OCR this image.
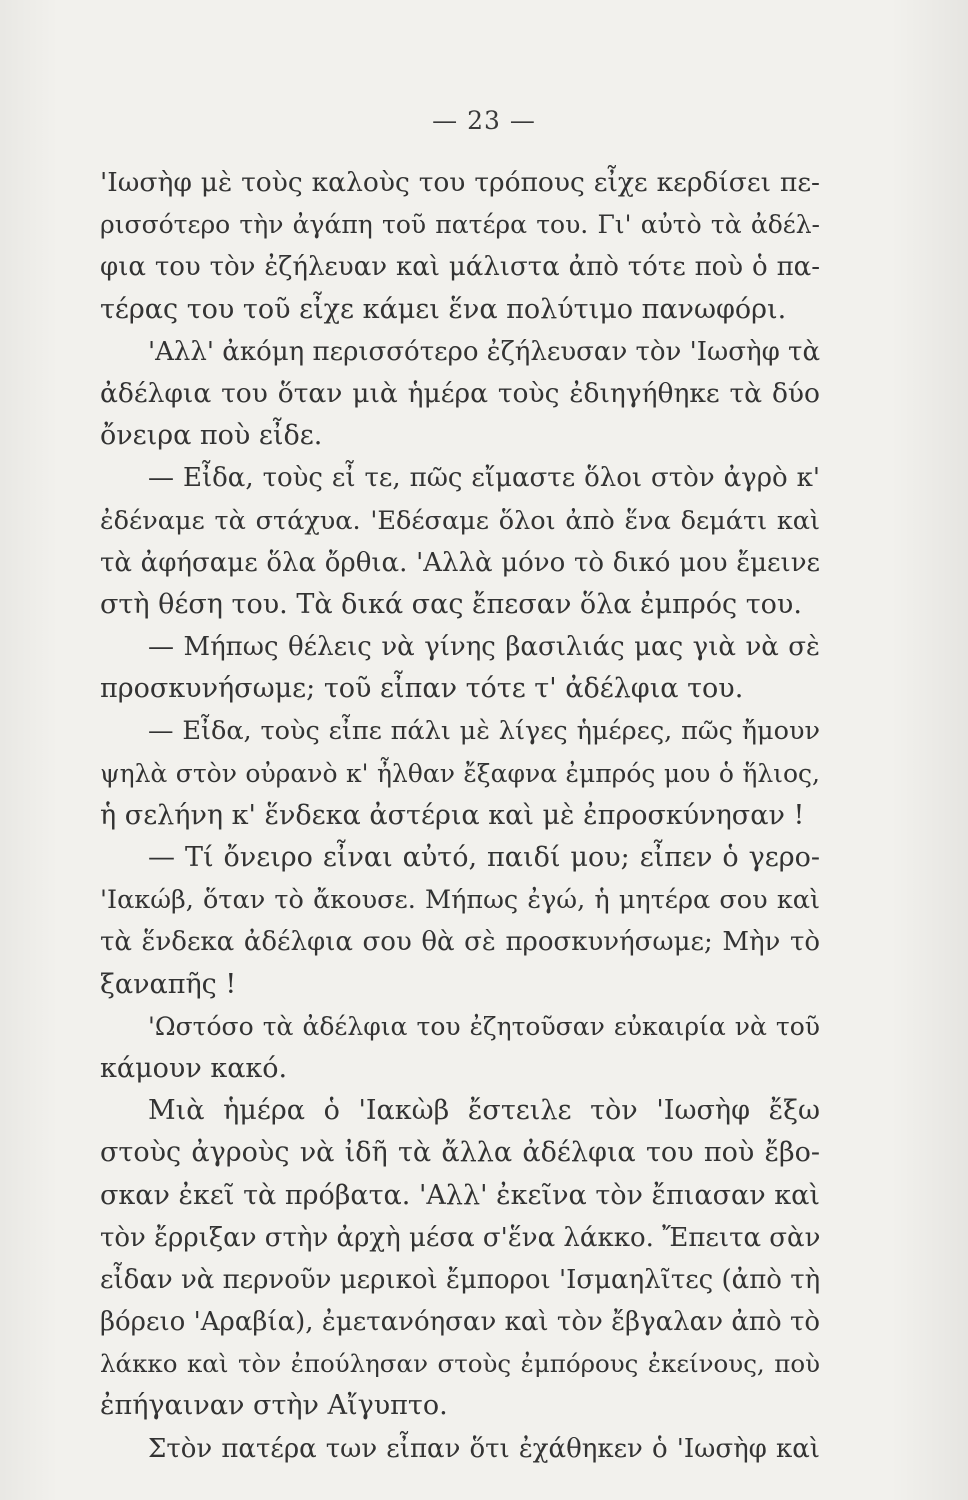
— 23 —
'Ιωσὴφ μὲ τοὺς καλοὺς του τρόπους εἶχε κερδίσει πε-
ρισσότερο τὴν ἀγάπη τοῦ πατέρα του. Γι' αὐτὸ τὰ ἀδέλ-
φια του τὸν ἐζήλευαν καὶ μάλιστα ἀπὸ τότε ποὺ ὁ πα-
τέρας του τοῦ εἶχε κάμει ἕνα πολύτιμο πανωφόρι.
'Αλλ' ἀκόμη περισσότερο ἐζήλευσαν τὸν 'Ιωσὴφ τὰ
ἀδέλφια του ὅταν μιὰ ἡμέρα τοὺς ἐδιηγήθηκε τὰ δύο
ὄνειρα ποὺ εἶδε.
— Εἶδα, τοὺς εἶ τε, πῶς εἴμαστε ὅλοι στὸν ἀγρὸ κ'
ἐδέναμε τὰ στάχυα. 'Εδέσαμε ὅλοι ἀπὸ ἕνα δεμάτι καὶ
τὰ ἀφήσαμε ὅλα ὄρθια. 'Αλλὰ μόνο τὸ δικό μου ἔμεινε
στὴ θέση του. Τὰ δικά σας ἔπεσαν ὅλα ἐμπρός του.
— Μήπως θέλεις νὰ γίνης βασιλιάς μας γιὰ νὰ σὲ
προσκυνήσωμε; τοῦ εἶπαν τότε τ' ἀδέλφια του.
— Εἶδα, τοὺς εἶπε πάλι μὲ λίγες ἡμέρες, πῶς ἤμουν
ψηλὰ στὸν οὐρανὸ κ' ἦλθαν ἔξαφνα ἐμπρός μου ὁ ἥλιος,
ἡ σελήνη κ' ἕνδεκα ἀστέρια καὶ μὲ ἐπροσκύνησαν !
— Τί ὄνειρο εἶναι αὐτό, παιδί μου; εἶπεν ὁ γερο-
'Ιακώβ, ὅταν τὸ ἄκουσε. Μήπως ἐγώ, ἡ μητέρα σου καὶ
τὰ ἕνδεκα ἀδέλφια σου θὰ σὲ προσκυνήσωμε; Μὴν τὸ
ξαναπῆς !
'Ωστόσο τὰ ἀδέλφια του ἐζητοῦσαν εὐκαιρία νὰ τοῦ
κάμουν κακό.
Μιὰ ἡμέρα ὁ 'Ιακὼβ ἔστειλε τὸν 'Ιωσὴφ ἔξω
στοὺς ἀγροὺς νὰ ἰδῆ τὰ ἄλλα ἀδέλφια του ποὺ ἔβο-
σκαν ἐκεῖ τὰ πρόβατα. 'Αλλ' ἐκεῖνα τὸν ἔπιασαν καὶ
τὸν ἔρριξαν στὴν ἀρχὴ μέσα σ'ἕνα λάκκο. Ἔπειτα σὰν
εἶδαν νὰ περνοῦν μερικοὶ ἔμποροι 'Ισμαηλῖτες (ἀπὸ τὴ
βόρειο 'Αραβία), ἐμετανόησαν καὶ τὸν ἔβγαλαν ἀπὸ τὸ
λάκκο καὶ τὸν ἐπούλησαν στοὺς ἐμπόρους ἐκείνους, ποὺ
ἐπήγαιναν στὴν Αἴγυπτο.
Στὸν πατέρα των εἶπαν ὅτι ἐχάθηκεν ὁ 'Ιωσὴφ καὶ
